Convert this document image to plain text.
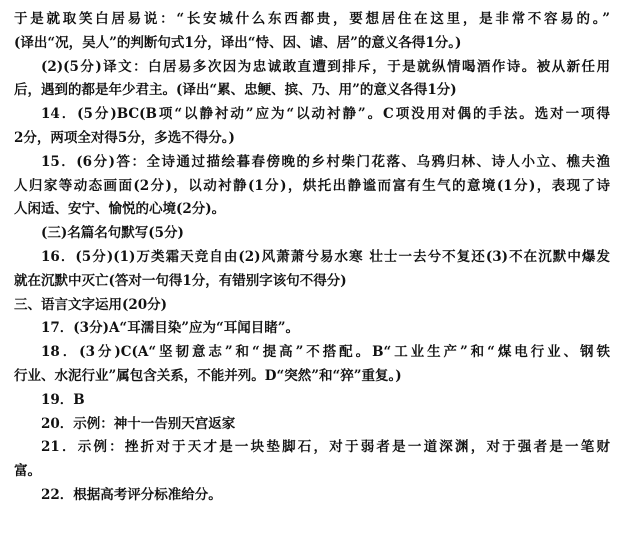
于是就取笑白居易说：“长安城什么东西都贵，要想居住在这里，是非常不容易的。”
(译出“况，吴人”的判断句式1分，译出“恃、因、谑、居”的意义各得1分。)
(2)(5分)译文：白居易多次因为忠诚敢直遭到排斥，于是就纵情喝酒作诗。被从新任用
后，遇到的都是年少君主。(译出“累、忠鲠、摈、乃、用”的意义各得1分)
14．(5分)BC(B项“以静衬动”应为“以动衬静”。C项没用对偶的手法。选对一项得
2分，两项全对得5分，多选不得分。)
15．(6分)答：全诗通过描绘暮春傍晚的乡村柴门花落、乌鸦归林、诗人小立、樵夫渔
人归家等动态画面(2分)，以动衬静(1分)，烘托出静谧而富有生气的意境(1分)，表现了诗
人闲适、安宁、愉悦的心境(2分)。
(三)名篇名句默写(5分)
16．(5分)(1)万类霜天竞自由(2)风萧萧兮易水寒 壮士一去兮不复还(3)不在沉默中爆发
就在沉默中灭亡(答对一句得1分，有错别字该句不得分)
三、语言文字运用(20分)
17．(3分)A“耳濡目染”应为“耳闻目睹”。
18．(3分)C(A“坚韧意志”和“提高”不搭配。B“工业生产”和“煤电行业、钢铁
行业、水泥行业”属包含关系，不能并列。D“突然”和“猝”重复。)
19．B
20．示例：神十一告别天宫返家
21．示例：挫折对于天才是一块垫脚石，对于弱者是一道深渊，对于强者是一笔财
富。
22．根据高考评分标准给分。
